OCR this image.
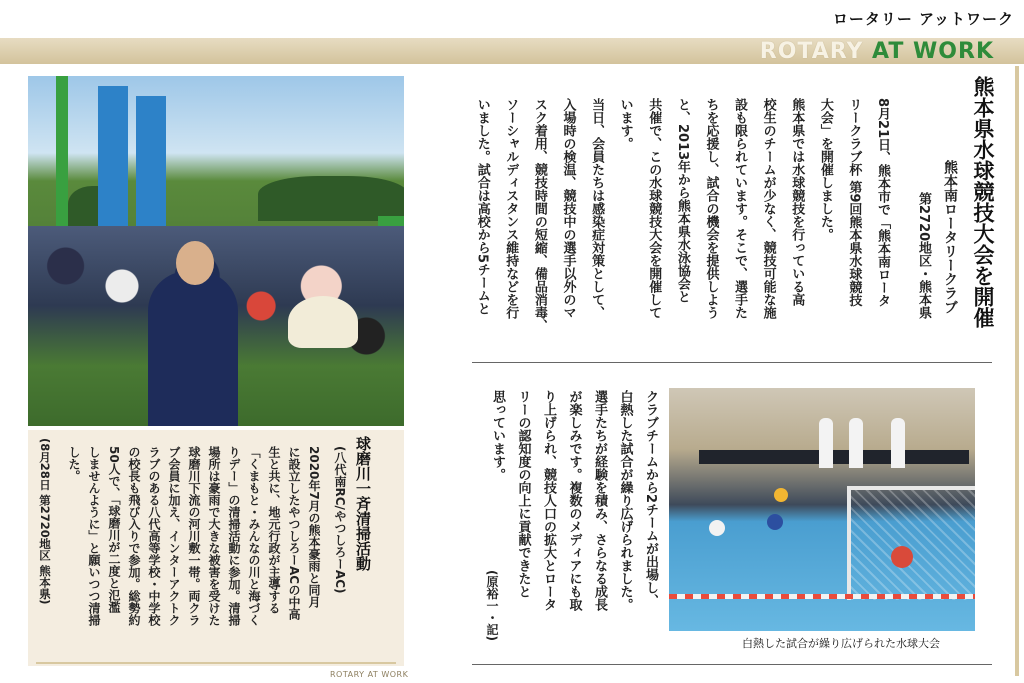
ロータリー アットワーク
ROTARY AT WORK
熊本県水球競技大会を開催
熊本南ロータリークラブ
第2720地区・熊本県
8月21日、熊本市で「熊本南ロータ
リークラブ杯 第9回熊本県水球競技
大会」を開催しました。
熊本県では水球競技を行っている高
校生のチームが少なく、競技可能な施
設も限られています。そこで、選手た
ちを応援し、試合の機会を提供しよう
と、2013年から熊本県水泳協会と
共催で、この水球競技大会を開催して
います。
当日、会員たちは感染症対策として、
入場時の検温、競技中の選手以外のマ
スク着用、競技時間の短縮、備品消毒、
ソーシャルディスタンス維持などを行
いました。試合は高校から5チームと
クラブチームから2チームが出場し、
白熱した試合が繰り広げられました。
選手たちが経験を積み、さらなる成長
が楽しみです。複数のメディアにも取
り上げられ、競技人口の拡大とロータ
リーの認知度の向上に貢献できたと
思っています。
(原裕一・記)
白熱した試合が繰り広げられた水球大会
球磨川一斉清掃活動
(八代南RC/やつしろーAC)
2020年7月の熊本豪雨と同月
に設立したやつしろーACの中高
生と共に、地元行政が主導する
「くまもと・みんなの川と海づく
りデー」の清掃活動に参加。清掃
場所は豪雨で大きな被害を受けた
球磨川下流の河川敷一帯。両クラ
ブ会員に加え、インターアクトク
ラブのある八代高等学校・中学校
の校長も飛び入りで参加。総勢約
50人で、「球磨川が二度と氾濫
しませんように」と願いつつ清掃
した。
(8月28日 第2720地区 熊本県)
ROTARY AT WORK
